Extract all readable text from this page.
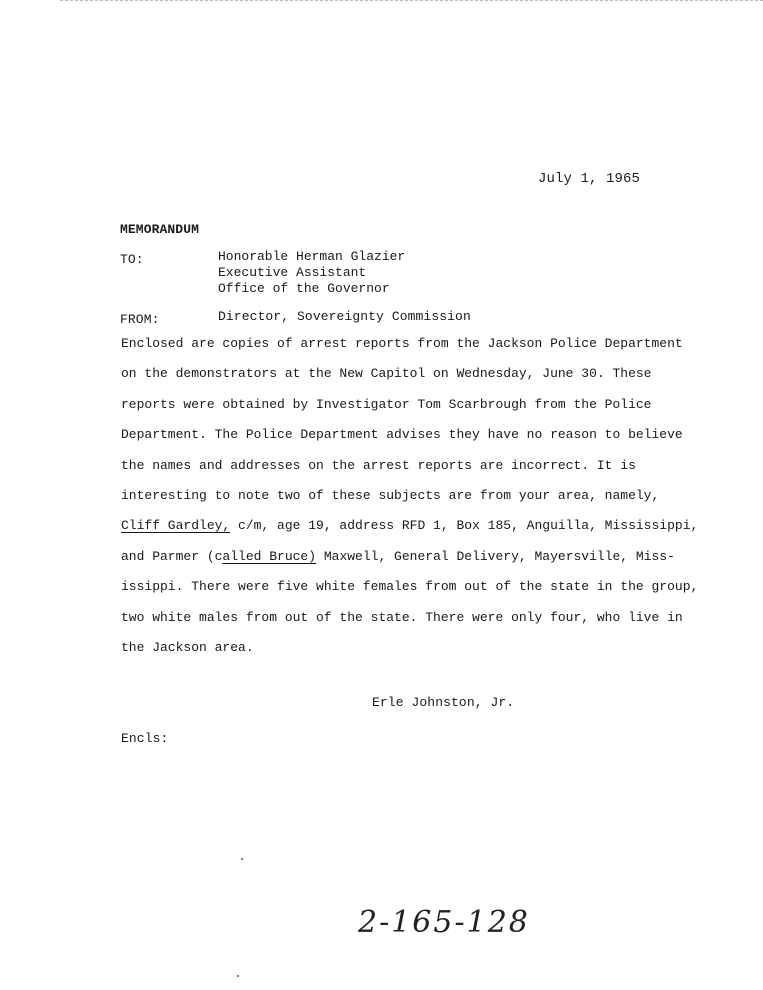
July 1, 1965
MEMORANDUM
TO:	Honorable Herman Glazier
Executive Assistant
Office of the Governor
FROM:	Director, Sovereignty Commission
Enclosed are copies of arrest reports from the Jackson Police Department
on the demonstrators at the New Capitol on Wednesday, June 30. These
reports were obtained by Investigator Tom Scarbrough from the Police
Department. The Police Department advises they have no reason to believe
the names and addresses on the arrest reports are incorrect. It is
interesting to note two of these subjects are from your area, namely,
Cliff Gardley, c/m, age 19, address RFD 1, Box 185, Anguilla, Mississippi,
and Parmer (called Bruce) Maxwell, General Delivery, Mayersville, Miss-
issippi. There were five white females from out of the state in the group,
two white males from out of the state. There were only four, who live in
the Jackson area.
Erle Johnston, Jr.
Encls:
2-165-128
